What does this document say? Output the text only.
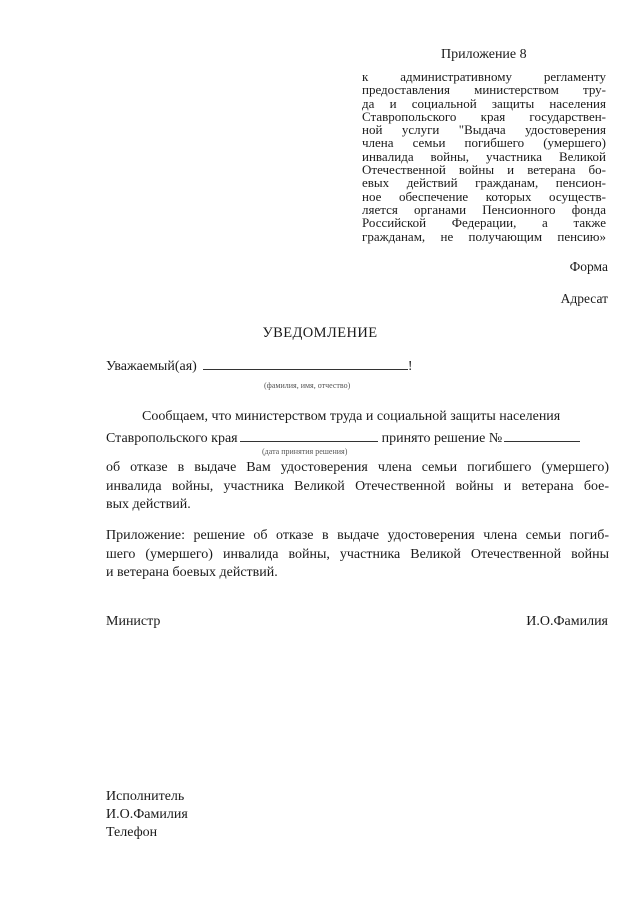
Приложение 8
к административному регламенту
предоставления министерством тру-
да и социальной защиты населения
Ставропольского края государствен-
ной услуги "Выдача удостоверения
члена семьи погибшего (умершего)
инвалида войны, участника Великой
Отечественной войны и ветерана бо-
евых действий гражданам, пенсион-
ное обеспечение которых осуществ-
ляется органами Пенсионного фонда
Российской Федерации, а также
гражданам, не получающим пенсию»
Форма
Адресат
УВЕДОМЛЕНИЕ
Уважаемый(ая)	!
(фамилия, имя, отчество)
Сообщаем, что министерством труда и социальной защиты населения
Ставропольского края	принято решение №
(дата принятия решения)
об отказе в выдаче Вам удостоверения члена семьи погибшего (умершего)
инвалида войны, участника Великой Отечественной войны и ветерана бое-
вых действий.
Приложение: решение об отказе в выдаче удостоверения члена семьи погиб-
шего (умершего) инвалида войны, участника Великой Отечественной войны
и ветерана боевых действий.
Министр	И.О.Фамилия
Исполнитель
И.О.Фамилия
Телефон
